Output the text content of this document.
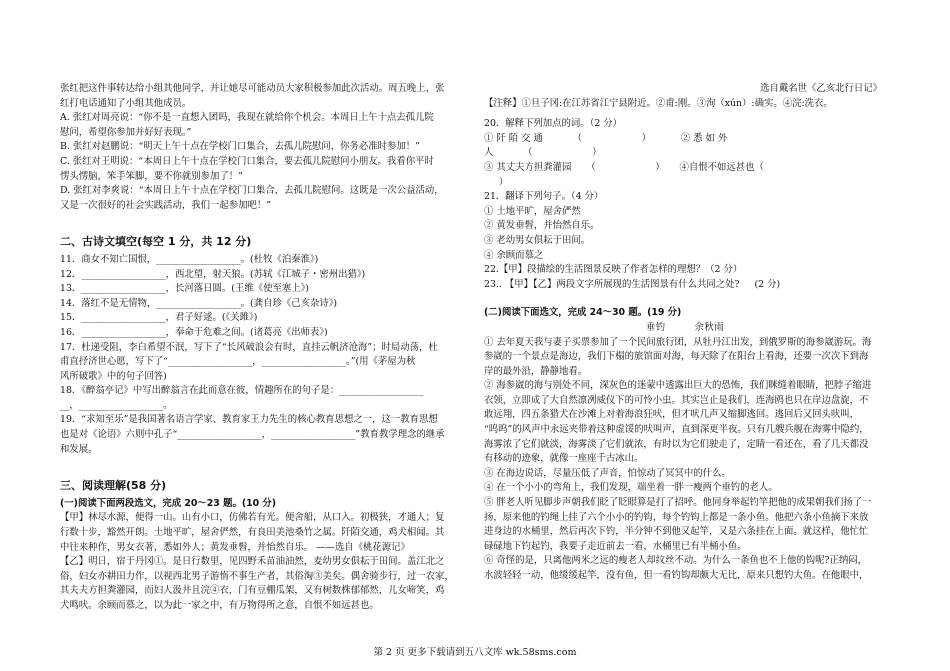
张红把这件事转达给小组其他同学，并让她尽可能动员大家积极参加此次活动。周五晚上，张

红打电话通知了小组其他成员。

A. 张红对周亮说：“你不是一直想入团吗，我现在就给你个机会。本周日上午十点去孤儿院

慰问，希望你参加并好好表现。”

B. 张红对赵鹏说：“明天上午十点在学校门口集合，去孤儿院慰问，你务必准时参加！”

C. 张红对王明说：“本周日上午十点在学校门口集合，要去孤儿院慰问小朋友。我看你平时

愣头愣脑，笨手笨脚，要不你就别参加了！”

D. 张红对李爽说：“本周日上午十点在学校门口集合，去孤儿院慰问。这既是一次公益活动，

又是一次很好的社会实践活动，我们一起参加吧！”

二、古诗文填空(每空 1 分，共 12 分)

11．商女不知亡国恨，__________________。(杜牧《泊秦淮》)

12．__________________，西北望，射天狼。(苏轼《江城子・密州出猎》)

13．__________________，长河落日圆。(王维《使至塞上》)

14．落红不是无情物，__________________。(龚自珍《己亥杂诗》)

15．__________________，君子好逑。(《关雎》)

16．__________________，奉命于危难之间。(诸葛亮《出师表》)

17．杜递受阻，李白希望不泯，写下了“长风破浪会有时，直挂云帆济沧海”；时局动荡，杜

甫直抒济世心愿，写下了“__________________，__________________。”(用《茅屋为秋

风所破歌》中的句子回答)

18．《醉翁亭记》中写出醉翁言在此而意在彼，情趣所在的句子是：__________________

__，__________________。

19．“求知至乐”是我国著名语言学家、教育家王力先生的核心教育思想之一，这一教育思想

也是对《论语》六则中孔子“__________________，__________________”教育教学理念的继承

和发展。

三、阅读理解(58 分)

(一)阅读下面两段选文，完成 20～23 题。(10 分)

【甲】林尽水源，便得一山。山有小口，仿佛若有光。便舍船，从口入。初极狭，才通人；复

行数十步，豁然开朗。土地平旷，屋舍俨然，有良田美池桑竹之属。阡陌交通，鸡犬相闻。其

中往来种作，男女衣著，悉如外人；黄发垂髫，并怡然自乐。 ——选自《桃花源记》

【乙】明日，宿于丹冈①。是日行数里，见四野禾苗油油然，麦幼男女俱耘于田间。盖江北之

俗，妇女亦耕田力作，以视西北男子游惰不事生产者，其俗淘③美矣。偶舍骑步行，过一农家，

其夫夫方担粪灌园，而妇人汲井且浣④衣，门有豆棚瓜架，又有树数株郁郁然，儿女啼笑，鸡

犬鸣吠。余顾而慕之，以为此一家之中，有万物得所之意，自恨不如远甚也。

选自戴名世《乙亥北行日记》

【注释】①旦子冈:在江苏省江宁县附近。②甫:刚。③洵（xún）:确实。④浣:洗衣。

20．解释下列加点的词。（2 分）

① 阡 陌 交 通          （                    ）          ② 悉 如 外

人          （                    ）

③ 其丈夫方担粪灌园     （                    ）     ④自恨不如远甚也（

）

21．翻译下列句子。（4 分）

① 土地平旷，屋舍俨然

② 黄发垂髫，并怡然自乐。

③ 老幼男女俱耘于田间。

④ 余顾而慕之

22.【甲】段描绘的生活图景反映了作者怎样的理想？（2 分）

23.. 【甲】【乙】两段文字所展现的生活图景有什么共同之处?     (2 分)

(二)阅读下面选文，完成 24～30 题。(19 分)

垂钓	余秋雨

① 去年夏天我与妻子买票参加了一个民间旅行团，从牡丹江出发，到俄罗斯的海参崴游玩。海

参崴的一个景点是海边，我们下榻的旅馆面对海，每天除了在阳台上看海，还要一次次下到海

岸的最外沿，静静地看。

② 海参崴的海与别处不同，深灰色的迷蒙中透露出巨大的恐怖，我们眯缝着眼睛，把脖子缩进

衣领，立即成了大自然凛冽威仪下的可怜小虫。其实岂止是我们，连海鸥也只在岸边盘旋，不

敢远翔，四五条猎犬在沙滩上对着海浪狂吠，但才吠几声又缩脚逃回。逃回后又回头吠叫，

“呜呜”的风声中永远夹带着这种虚馁的吠叫声，直到深更半夜。只有几艘兵舰在海雾中隐约，

海雾浓了它们就淡，海雾淡了它们就浓，有时以为它们驶走了，定睛一看还在，看了几天都没

有移动的迹象，就像一座座千古冰山。

③ 在海边说话，尽量压低了声音，怕惊动了冥冥中的什么。

④ 在一个小小的弯角上，我们发现，端坐着一胖一瘦两个垂钓的老人。

⑤ 胖老人听见脚步声朝我们眨了眨眼算是打了招呼。他同身举起钓竿把他的成果朝我们扬了一

扬，原来他的钓绳上挂了六个小小的钓钩，每个钓钩上都是一条小鱼。他把六条小鱼摘下来放

进身边的水桶里，然后再次下钓，半分钟不到他又起竿，又是六条挂在上面。就这样，他忙忙

碌碌地下钓起钓，我要子走近前去一看，水桶里已有半桶小鱼。

⑥ 奇怪的是，只离他两米之远的瘦老人却纹丝不动。为什么一条鱼也不上他的钩呢?正纳闷，

水波轻轻一动，他缓缓起竿，没有鱼，但一看钓钩却颇大无比，原来只想钓大鱼。在他眼中，

第 2 页 更多下载请到五八文库 wk.58sms.com
